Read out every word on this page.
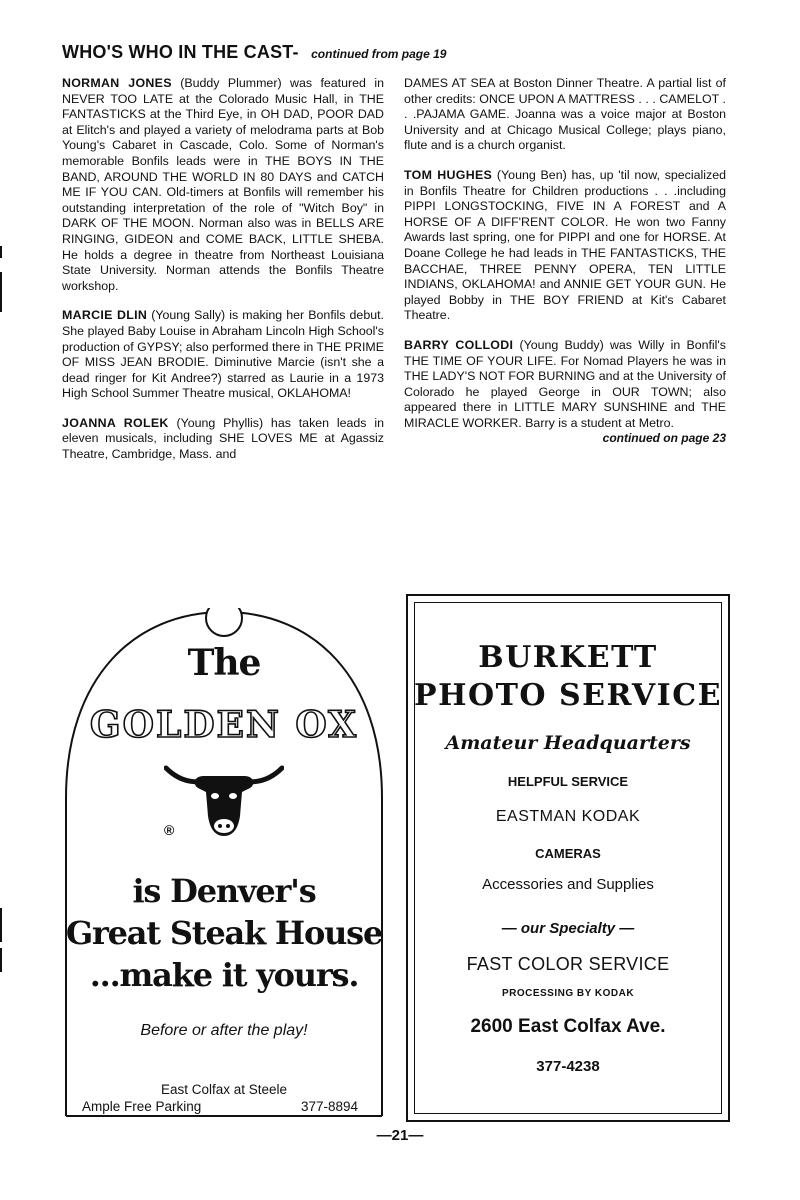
WHO'S WHO IN THE CAST- continued from page 19

NORMAN JONES (Buddy Plummer) was featured in NEVER TOO LATE at the Colorado Music Hall, in THE FANTASTICKS at the Third Eye, in OH DAD, POOR DAD at Elitch's and played a variety of melodrama parts at Bob Young's Cabaret in Cascade, Colo. Some of Norman's memorable Bonfils leads were in THE BOYS IN THE BAND, AROUND THE WORLD IN 80 DAYS and CATCH ME IF YOU CAN. Old-timers at Bonfils will remember his outstanding interpretation of the role of "Witch Boy" in DARK OF THE MOON. Norman also was in BELLS ARE RINGING, GIDEON and COME BACK, LITTLE SHEBA. He holds a degree in theatre from Northeast Louisiana State University. Norman attends the Bonfils Theatre workshop.

MARCIE DLIN (Young Sally) is making her Bonfils debut. She played Baby Louise in Abraham Lincoln High School's production of GYPSY; also performed there in THE PRIME OF MISS JEAN BRODIE. Diminutive Marcie (isn't she a dead ringer for Kit Andree?) starred as Laurie in a 1973 High School Summer Theatre musical, OKLAHOMA!

JOANNA ROLEK (Young Phyllis) has taken leads in eleven musicals, including SHE LOVES ME at Agassiz Theatre, Cambridge, Mass. and

DAMES AT SEA at Boston Dinner Theatre. A partial list of other credits: ONCE UPON A MATTRESS . . . CAMELOT . . .PAJAMA GAME. Joanna was a voice major at Boston University and at Chicago Musical College; plays piano, flute and is a church organist.

TOM HUGHES (Young Ben) has, up 'til now, specialized in Bonfils Theatre for Children productions . . .including PIPPI LONGSTOCKING, FIVE IN A FOREST and A HORSE OF A DIFF'RENT COLOR. He won two Fanny Awards last spring, one for PIPPI and one for HORSE. At Doane College he had leads in THE FANTASTICKS, THE BACCHAE, THREE PENNY OPERA, TEN LITTLE INDIANS, OKLAHOMA! and ANNIE GET YOUR GUN. He played Bobby in THE BOY FRIEND at Kit's Cabaret Theatre.

BARRY COLLODI (Young Buddy) was Willy in Bonfil's THE TIME OF YOUR LIFE. For Nomad Players he was in THE LADY'S NOT FOR BURNING and at the University of Colorado he played George in OUR TOWN; also appeared there in LITTLE MARY SUNSHINE and THE MIRACLE WORKER. Barry is a student at Metro.

continued on page 23
The
GOLDEN OX
®
is Denver's
Great Steak House
...make it yours.
Before or after the play!
East Colfax at Steele
Ample Free Parking	377-8894
BURKETT
PHOTO SERVICE
Amateur Headquarters
HELPFUL SERVICE
EASTMAN KODAK
CAMERAS
Accessories and Supplies
— our Specialty —
FAST COLOR SERVICE
PROCESSING BY KODAK
2600 East Colfax Ave.
377-4238
—21—
